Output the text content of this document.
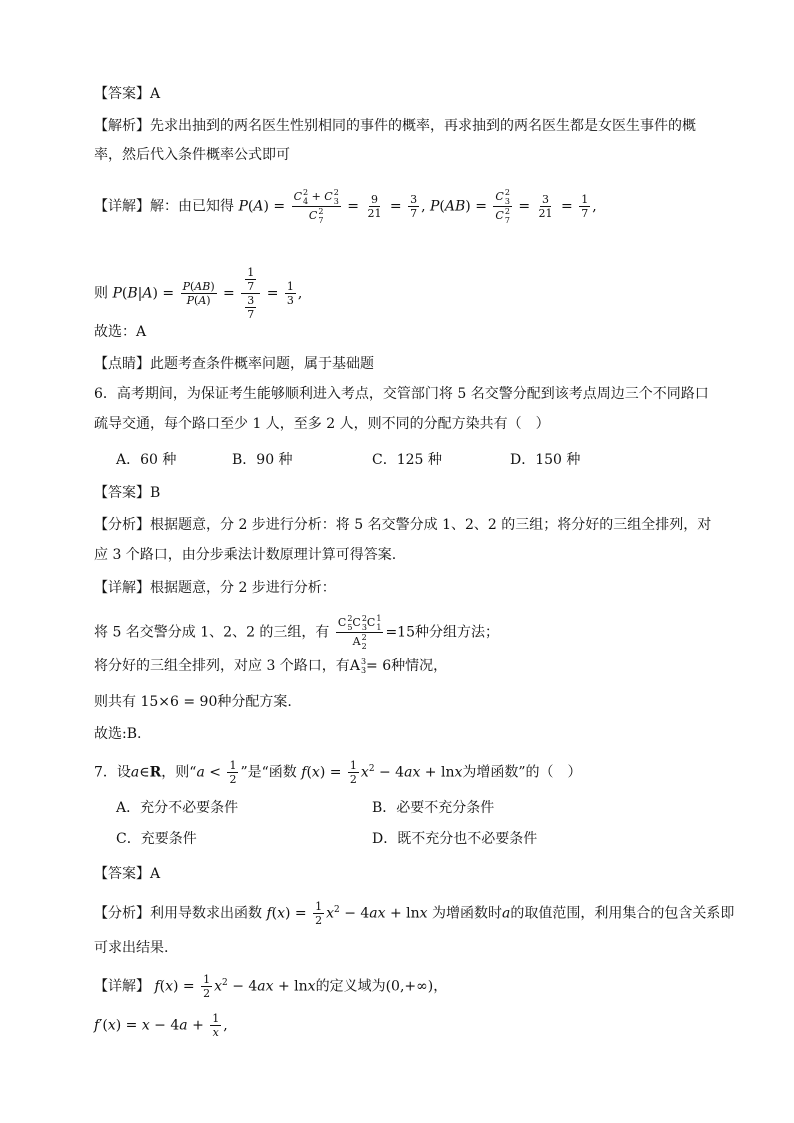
【答案】A
【解析】先求出抽到的两名医生性别相同的事件的概率，再求抽到的两名医生都是女医生事件的概
率，然后代入条件概率公式即可
【详解】解：由已知得 P(A) = C 2
4 + C 2
3
C 2
$7 = \frac{9}{21} = \frac{3}{7}$ , P(AB) = C 2
3
C 2
$7 = \frac{3}{21} = \frac{1}{7}$ ,
则 $P(B|A) = \frac{P(AB)}{P(A)} = \frac{\frac{1}{7}}{\frac{3}{7}} = \frac{1}{3}$ ,
故选：A
【点睛】此题考查条件概率问题，属于基础题
6．高考期间，为保证考生能够顺利进入考点，交管部门将 5 名交警分配到该考点周边三个不同路口
疏导交通，每个路口至少 1 人，至多 2 人，则不同的分配方染共有（　）
A．60 种	B．90 种	C．125 种	D．150 种
【答案】B
【分析】根据题意，分 2 步进行分析：将 5 名交警分成 1、2、2 的三组；将分好的三组全排列，对
应 3 个路口，由分步乘法计数原理计算可得答案.
【详解】根据题意，分 2 步进行分析：
将 5 名交警分成 1、2、2 的三组，有 C 2
5 C 2
3 C 1
1
A 2
2 =15种分组方法；
将分好的三组全排列，对应 3 个路口，有A 3
3 = 6种情况，
则共有 15×6 = 90种分配方案.
故选:B.
7．设a∈R，则“$a < \frac{1}{2}$ ”是“函数 $f(x) = \frac{1}{2} x^2 - 4ax + \ln x$为增函数”的（　）
A．充分不必要条件	B．必要不充分条件
C．充要条件	D．既不充分也不必要条件
【答案】A
【分析】利用导数求出函数 $f(x) = \frac{1}{2} x^2 - 4ax + \ln x$ 为增函数时a的取值范围，利用集合的包含关系即
可求出结果.
【详解】 $f(x) = \frac{1}{2} x^2 - 4ax + \ln x$的定义域为(0,+∞)，
$f'(x) = x - 4a + \frac{1}{x}$ ,
